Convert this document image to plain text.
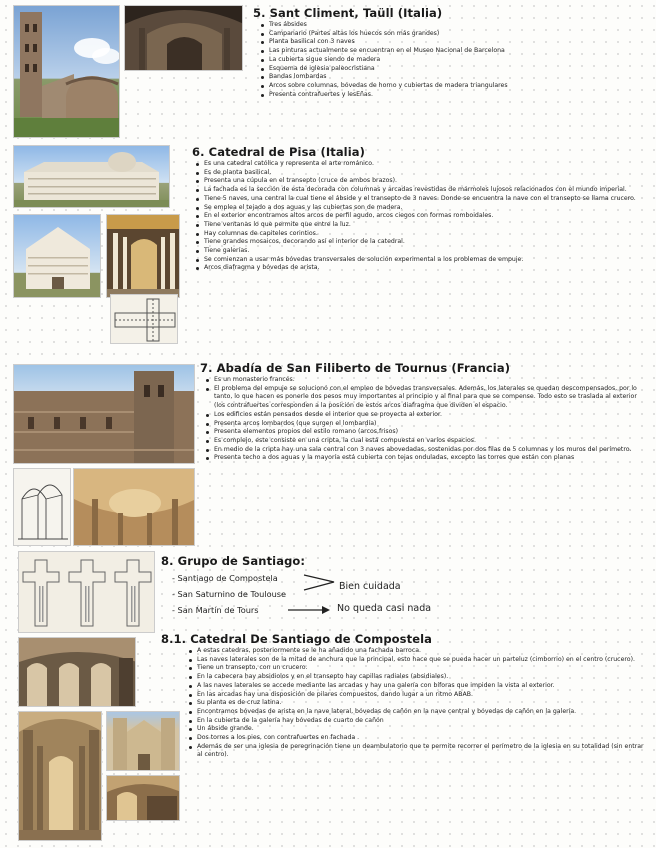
5. Sant Climent, Taüll (Italia)
Tres ábsides
Campanario (Partes altas los huecos son más grandes)
Planta basilical con 3 naves
Las pinturas actualmente se encuentran en el Museo Nacional de Barcelona
La cubierta sigue siendo de madera
Esquema de iglesia paleocristiana
Bandas lombardas
Arcos sobre columnas, bóvedas de horno y cubiertas de madera triangulares
Presenta contrafuertes y lesEñas.
6. Catedral de Pisa (Italia)
Es una catedral católica y representa el arte románico.
Es de planta basilical.
Presenta una cúpula en el transepto (cruce de ambos brazos).
La fachada es la sección de esta decorada con columnas y arcadas revestidas de mármoles lujosos relacionados con el mundo imperial.
Tiene 5 naves, una central la cual tiene el ábside y el transepto de 3 naves. Donde se encuentra la nave con el transepto se llama crucero.
Se emplea el tejado a dos aguas y las cubiertas son de madera.
En el exterior encontramos altos arcos de perfil agudo, arcos ciegos con formas romboidales.
Tiene ventanas lo que permite que entre la luz.
Hay columnas de capiteles corintios.
Tiene grandes mosaicos, decorando así el interior de la catedral.
Tiene galerías.
Se comienzan a usar más bóvedas transversales de solución experimental a los problemas de empuje.
Arcos diafragma y bóvedas de arista.
7. Abadía de San Filiberto de Tournus (Francia)
Es un monasterio francés.
El problema del empuje se solucionó con el empleo de bóvedas transversales. Además, los laterales se quedan descompensados, por lo tanto, lo que hacen es ponerle dos pesos muy importantes al principio y al final para que se compense. Todo esto se traslada al exterior (los contrafuertes corresponden a la posición de estos arcos diafragma que dividen el espacio.
Los edificios están pensados desde el interior que se proyecta al exterior.
Presenta arcos lombardos (que surgen el lombardía)
Presenta elementos propios del estilo romano (arcos,frisos)
Es complejo, este consiste en una cripta, la cual está compuesta en varios espacios.
En medio de la cripta hay una sala central con 3 naves abovedadas, sostenidas por dos filas de 5 columnas y los muros del perímetro.
Presenta techo a dos aguas y la mayoría está cubierta con tejas onduladas, excepto las torres que están con planas
8. Grupo de Santiago:
- Santiago de Compostela
- San Saturnino de Toulouse
- San Martín de Tours
Bien cuidada
No queda casi nada
8.1. Catedral De Santiago de Compostela
A estas catedras, posteriormente se le ha añadido una fachada barroca.
Las naves laterales son de la mitad de anchura que la principal, esto hace que se pueda hacer un parteluz (cimborrio) en el centro (crucero).
Tiene un transepto, con un crucero.
En la cabecera hay absidiolos y en el transepto hay capillas radiales (absidiales).
A las naves laterales se accede mediante las arcadas y hay una galería con bíforas que impiden la vista al exterior.
En las arcadas hay una disposición de pilares compuestos, dando lugar a un ritmo ABAB.
Su planta es de cruz latina.
Encontramos bóvedas de arista en la nave lateral, bóvedas de cañón en la nave central y bóvedas de cañón en la galería.
En la cubierta de la galería hay bóvedas de cuarto de cañón
Un ábside grande.
Dos torres a los pies, con contrafuertes en fachada .
Además de ser una iglesia de peregrinación tiene un deambulatorio que te permite recorrer el perímetro de la iglesia en su totalidad (sin entrar al centro).
